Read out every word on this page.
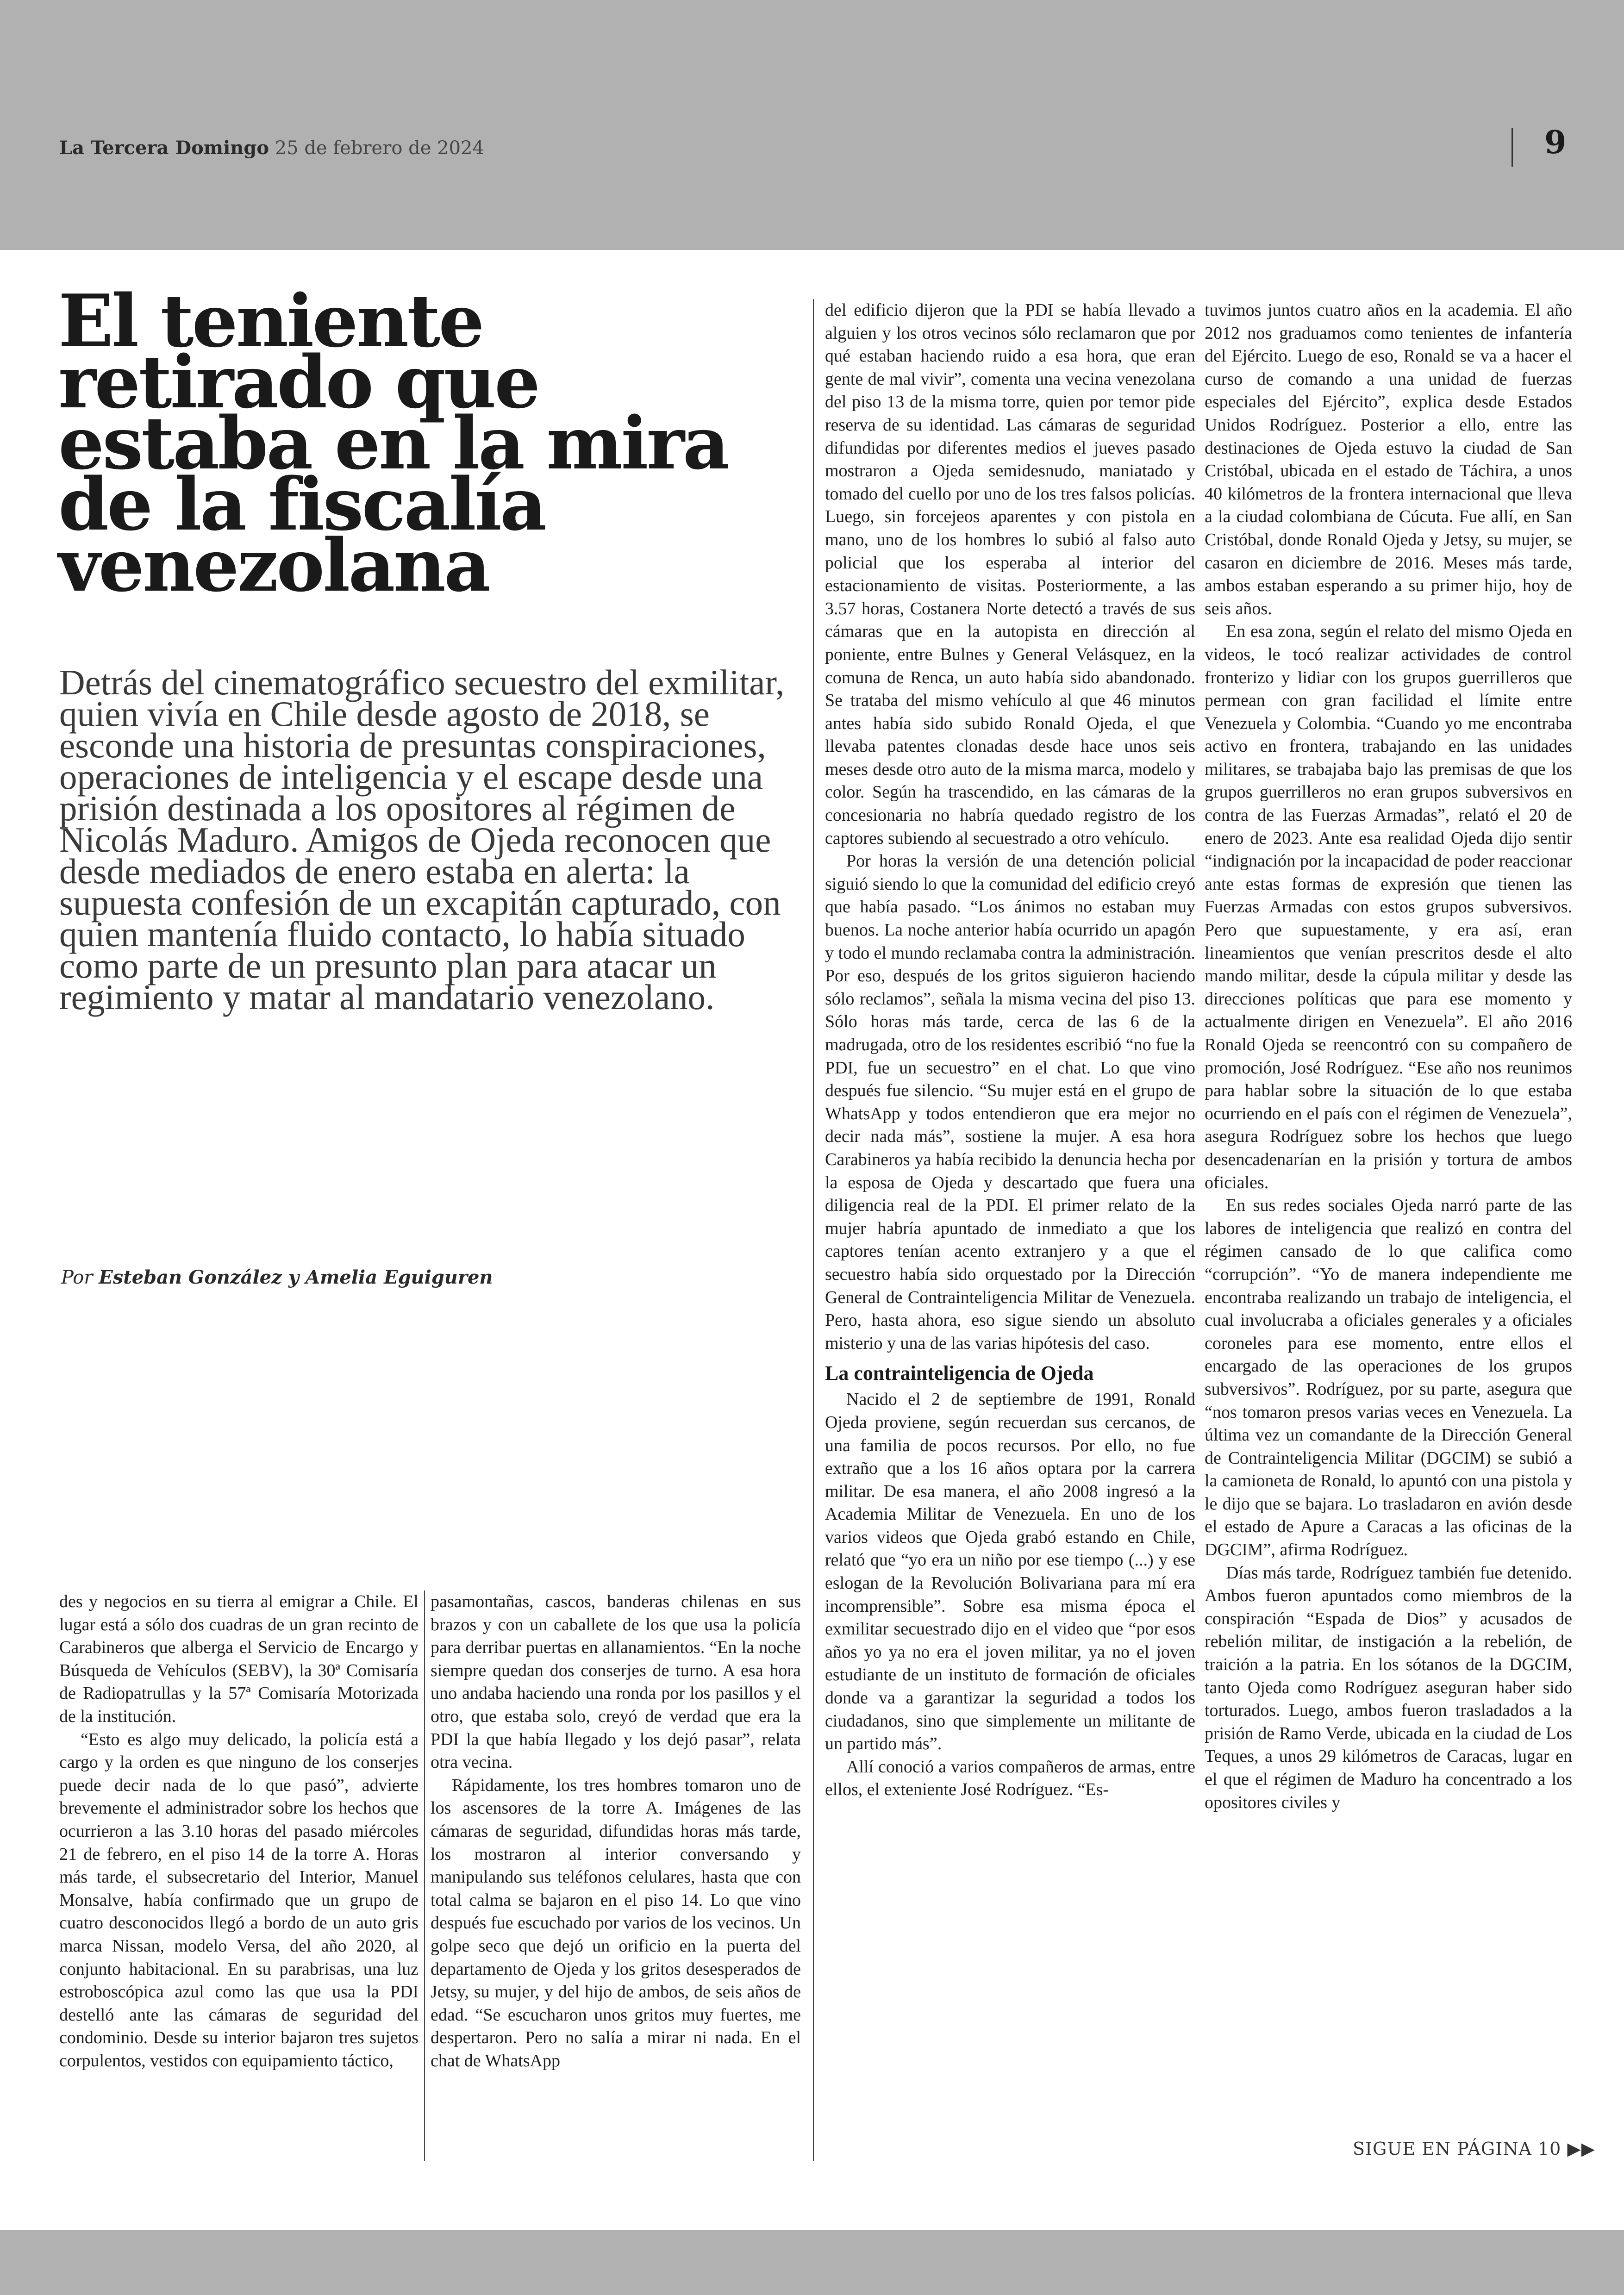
La Tercera Domingo 25 de febrero de 2024	9
El teniente retirado que estaba en la mira de la fiscalía venezolana

Detrás del cinematográfico secuestro del exmilitar, quien vivía en Chile desde agosto de 2018, se esconde una historia de presuntas conspiraciones, operaciones de inteligencia y el escape desde una prisión destinada a los opositores al régimen de Nicolás Maduro. Amigos de Ojeda reconocen que desde mediados de enero estaba en alerta: la supuesta confesión de un excapitán capturado, con quien mantenía fluido contacto, lo había situado como parte de un presunto plan para atacar un regimiento y matar al mandatario venezolano.

Por Esteban González y Amelia Eguiguren

des y negocios en su tierra al emigrar a Chile. El lugar está a sólo dos cuadras de un gran recinto de Carabineros que alberga el Servicio de Encargo y Búsqueda de Vehículos (SEBV), la 30ª Comisaría de Radiopatrullas y la 57ª Comisaría Motorizada de la institución.

“Esto es algo muy delicado, la policía está a cargo y la orden es que ninguno de los conserjes puede decir nada de lo que pasó”, advierte brevemente el administrador sobre los hechos que ocurrieron a las 3.10 horas del pasado miércoles 21 de febrero, en el piso 14 de la torre A. Horas más tarde, el subsecretario del Interior, Manuel Monsalve, había confirmado que un grupo de cuatro desconocidos llegó a bordo de un auto gris marca Nissan, modelo Versa, del año 2020, al conjunto habitacional. En su parabrisas, una luz estroboscópica azul como las que usa la PDI destelló ante las cámaras de seguridad del condominio. Desde su interior bajaron tres sujetos corpulentos, vestidos con equipamiento táctico,

pasamontañas, cascos, banderas chilenas en sus brazos y con un caballete de los que usa la policía para derribar puertas en allanamientos. “En la noche siempre quedan dos conserjes de turno. A esa hora uno andaba haciendo una ronda por los pasillos y el otro, que estaba solo, creyó de verdad que era la PDI la que había llegado y los dejó pasar”, relata otra vecina.

Rápidamente, los tres hombres tomaron uno de los ascensores de la torre A. Imágenes de las cámaras de seguridad, difundidas horas más tarde, los mostraron al interior conversando y manipulando sus teléfonos celulares, hasta que con total calma se bajaron en el piso 14. Lo que vino después fue escuchado por varios de los vecinos. Un golpe seco que dejó un orificio en la puerta del departamento de Ojeda y los gritos desesperados de Jetsy, su mujer, y del hijo de ambos, de seis años de edad. “Se escucharon unos gritos muy fuertes, me despertaron. Pero no salía a mirar ni nada. En el chat de WhatsApp

del edificio dijeron que la PDI se había llevado a alguien y los otros vecinos sólo reclamaron que por qué estaban haciendo ruido a esa hora, que eran gente de mal vivir”, comenta una vecina venezolana del piso 13 de la misma torre, quien por temor pide reserva de su identidad. Las cámaras de seguridad difundidas por diferentes medios el jueves pasado mostraron a Ojeda semidesnudo, maniatado y tomado del cuello por uno de los tres falsos policías. Luego, sin forcejeos aparentes y con pistola en mano, uno de los hombres lo subió al falso auto policial que los esperaba al interior del estacionamiento de visitas. Posteriormente, a las 3.57 horas, Costanera Norte detectó a través de sus cámaras que en la autopista en dirección al poniente, entre Bulnes y General Velásquez, en la comuna de Renca, un auto había sido abandonado. Se trataba del mismo vehículo al que 46 minutos antes había sido subido Ronald Ojeda, el que llevaba patentes clonadas desde hace unos seis meses desde otro auto de la misma marca, modelo y color. Según ha trascendido, en las cámaras de la concesionaria no habría quedado registro de los captores subiendo al secuestrado a otro vehículo.

Por horas la versión de una detención policial siguió siendo lo que la comunidad del edificio creyó que había pasado. “Los ánimos no estaban muy buenos. La noche anterior había ocurrido un apagón y todo el mundo reclamaba contra la administración. Por eso, después de los gritos siguieron haciendo sólo reclamos”, señala la misma vecina del piso 13. Sólo horas más tarde, cerca de las 6 de la madrugada, otro de los residentes escribió “no fue la PDI, fue un secuestro” en el chat. Lo que vino después fue silencio. “Su mujer está en el grupo de WhatsApp y todos entendieron que era mejor no decir nada más”, sostiene la mujer. A esa hora Carabineros ya había recibido la denuncia hecha por la esposa de Ojeda y descartado que fuera una diligencia real de la PDI. El primer relato de la mujer habría apuntado de inmediato a que los captores tenían acento extranjero y a que el secuestro había sido orquestado por la Dirección General de Contrainteligencia Militar de Venezuela. Pero, hasta ahora, eso sigue siendo un absoluto misterio y una de las varias hipótesis del caso.

La contrainteligencia de Ojeda

Nacido el 2 de septiembre de 1991, Ronald Ojeda proviene, según recuerdan sus cercanos, de una familia de pocos recursos. Por ello, no fue extraño que a los 16 años optara por la carrera militar. De esa manera, el año 2008 ingresó a la Academia Militar de Venezuela. En uno de los varios videos que Ojeda grabó estando en Chile, relató que “yo era un niño por ese tiempo (...) y ese eslogan de la Revolución Bolivariana para mí era incomprensible”. Sobre esa misma época el exmilitar secuestrado dijo en el video que “por esos años yo ya no era el joven militar, ya no el joven estudiante de un instituto de formación de oficiales donde va a garantizar la seguridad a todos los ciudadanos, sino que simplemente un militante de un partido más”.

Allí conoció a varios compañeros de armas, entre ellos, el exteniente José Rodríguez. “Es-

tuvimos juntos cuatro años en la academia. El año 2012 nos graduamos como tenientes de infantería del Ejército. Luego de eso, Ronald se va a hacer el curso de comando a una unidad de fuerzas especiales del Ejército”, explica desde Estados Unidos Rodríguez. Posterior a ello, entre las destinaciones de Ojeda estuvo la ciudad de San Cristóbal, ubicada en el estado de Táchira, a unos 40 kilómetros de la frontera internacional que lleva a la ciudad colombiana de Cúcuta. Fue allí, en San Cristóbal, donde Ronald Ojeda y Jetsy, su mujer, se casaron en diciembre de 2016. Meses más tarde, ambos estaban esperando a su primer hijo, hoy de seis años.

En esa zona, según el relato del mismo Ojeda en videos, le tocó realizar actividades de control fronterizo y lidiar con los grupos guerrilleros que permean con gran facilidad el límite entre Venezuela y Colombia. “Cuando yo me encontraba activo en frontera, trabajando en las unidades militares, se trabajaba bajo las premisas de que los grupos guerrilleros no eran grupos subversivos en contra de las Fuerzas Armadas”, relató el 20 de enero de 2023. Ante esa realidad Ojeda dijo sentir “indignación por la incapacidad de poder reaccionar ante estas formas de expresión que tienen las Fuerzas Armadas con estos grupos subversivos. Pero que supuestamente, y era así, eran lineamientos que venían prescritos desde el alto mando militar, desde la cúpula militar y desde las direcciones políticas que para ese momento y actualmente dirigen en Venezuela”. El año 2016 Ronald Ojeda se reencontró con su compañero de promoción, José Rodríguez. “Ese año nos reunimos para hablar sobre la situación de lo que estaba ocurriendo en el país con el régimen de Venezuela”, asegura Rodríguez sobre los hechos que luego desencadenarían en la prisión y tortura de ambos oficiales.

En sus redes sociales Ojeda narró parte de las labores de inteligencia que realizó en contra del régimen cansado de lo que califica como “corrupción”. “Yo de manera independiente me encontraba realizando un trabajo de inteligencia, el cual involucraba a oficiales generales y a oficiales coroneles para ese momento, entre ellos el encargado de las operaciones de los grupos subversivos”. Rodríguez, por su parte, asegura que “nos tomaron presos varias veces en Venezuela. La última vez un comandante de la Dirección General de Contrainteligencia Militar (DGCIM) se subió a la camioneta de Ronald, lo apuntó con una pistola y le dijo que se bajara. Lo trasladaron en avión desde el estado de Apure a Caracas a las oficinas de la DGCIM”, afirma Rodríguez.

Días más tarde, Rodríguez también fue detenido. Ambos fueron apuntados como miembros de la conspiración “Espada de Dios” y acusados de rebelión militar, de instigación a la rebelión, de traición a la patria. En los sótanos de la DGCIM, tanto Ojeda como Rodríguez aseguran haber sido torturados. Luego, ambos fueron trasladados a la prisión de Ramo Verde, ubicada en la ciudad de Los Teques, a unos 29 kilómetros de Caracas, lugar en el que el régimen de Maduro ha concentrado a los opositores civiles y

SIGUE EN PÁGINA 10 ▶▶
